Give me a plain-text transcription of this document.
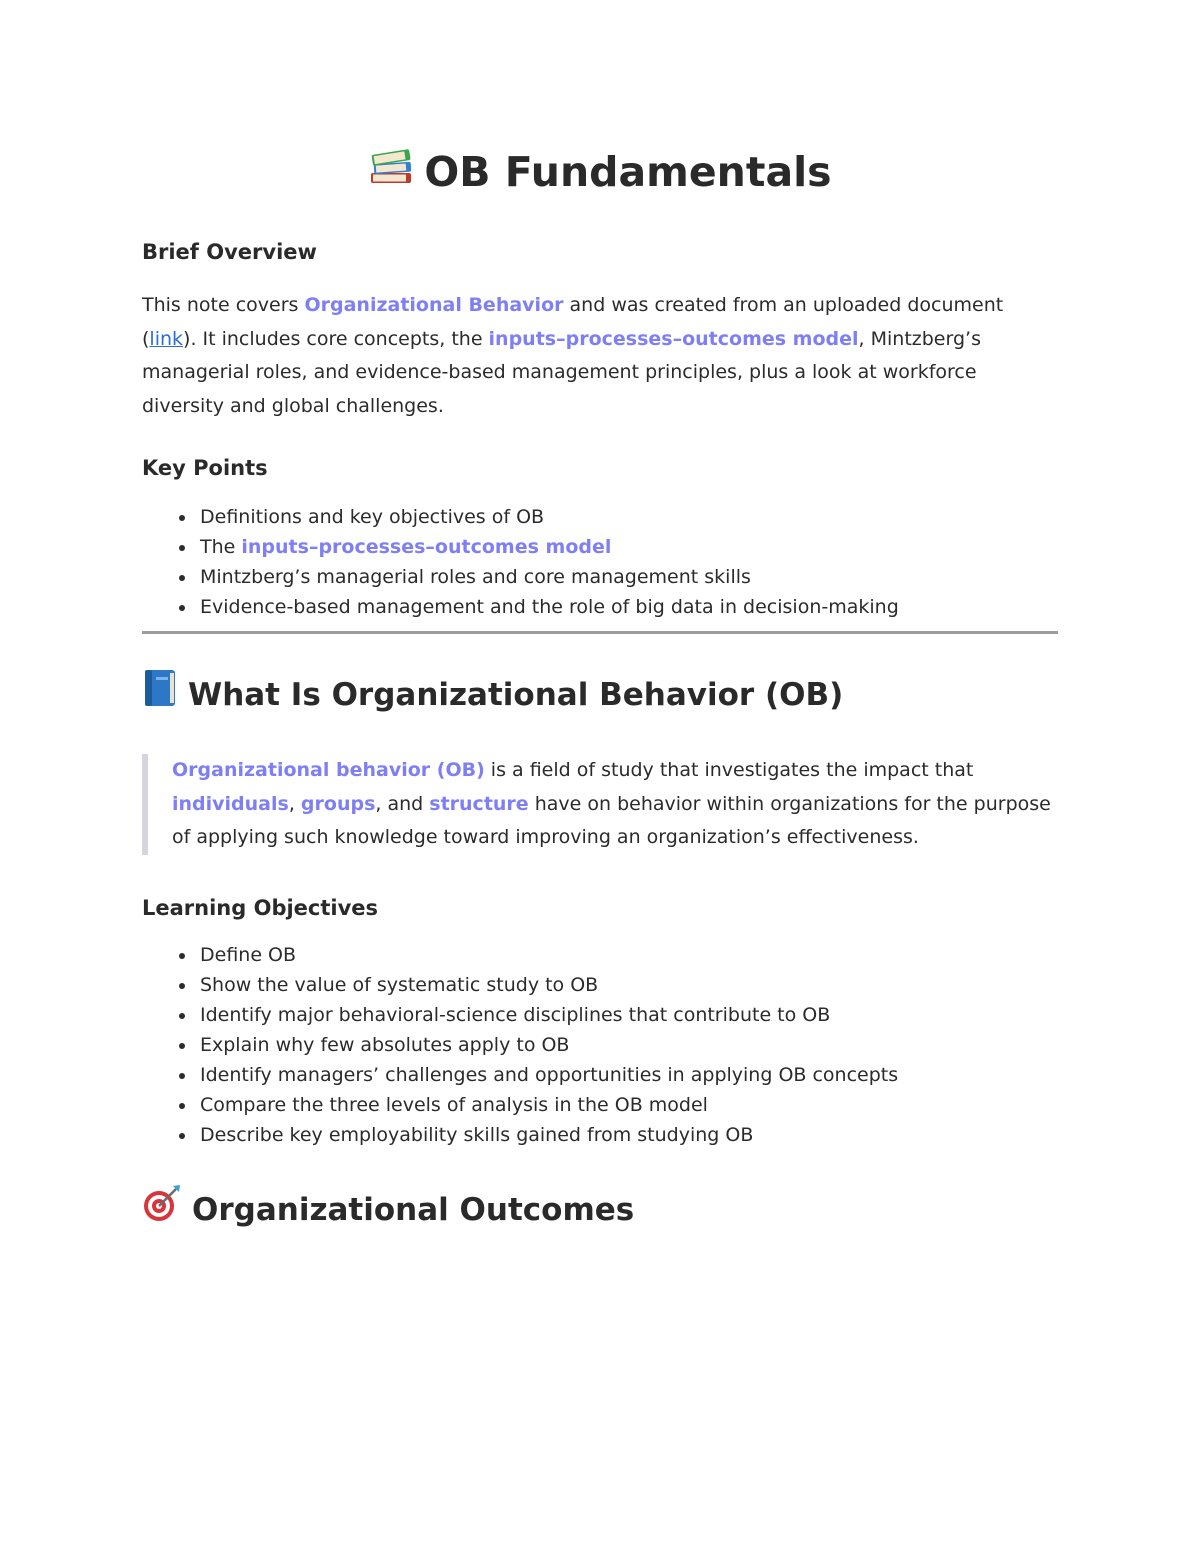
OB Fundamentals
Brief Overview

This note covers Organizational Behavior and was created from an uploaded document (link). It includes core concepts, the inputs–processes–outcomes model, Mintzberg’s managerial roles, and evidence-based management principles, plus a look at workforce diversity and global challenges.

Key Points
Definitions and key objectives of OB
The inputs–processes–outcomes model
Mintzberg’s managerial roles and core management skills
Evidence-based management and the role of big data in decision-making
What Is Organizational Behavior (OB)
Organizational behavior (OB) is a field of study that investigates the impact that individuals, groups, and structure have on behavior within organizations for the purpose of applying such knowledge toward improving an organization’s effectiveness.
Learning Objectives
Define OB
Show the value of systematic study to OB
Identify major behavioral-science disciplines that contribute to OB
Explain why few absolutes apply to OB
Identify managers’ challenges and opportunities in applying OB concepts
Compare the three levels of analysis in the OB model
Describe key employability skills gained from studying OB
Organizational Outcomes
